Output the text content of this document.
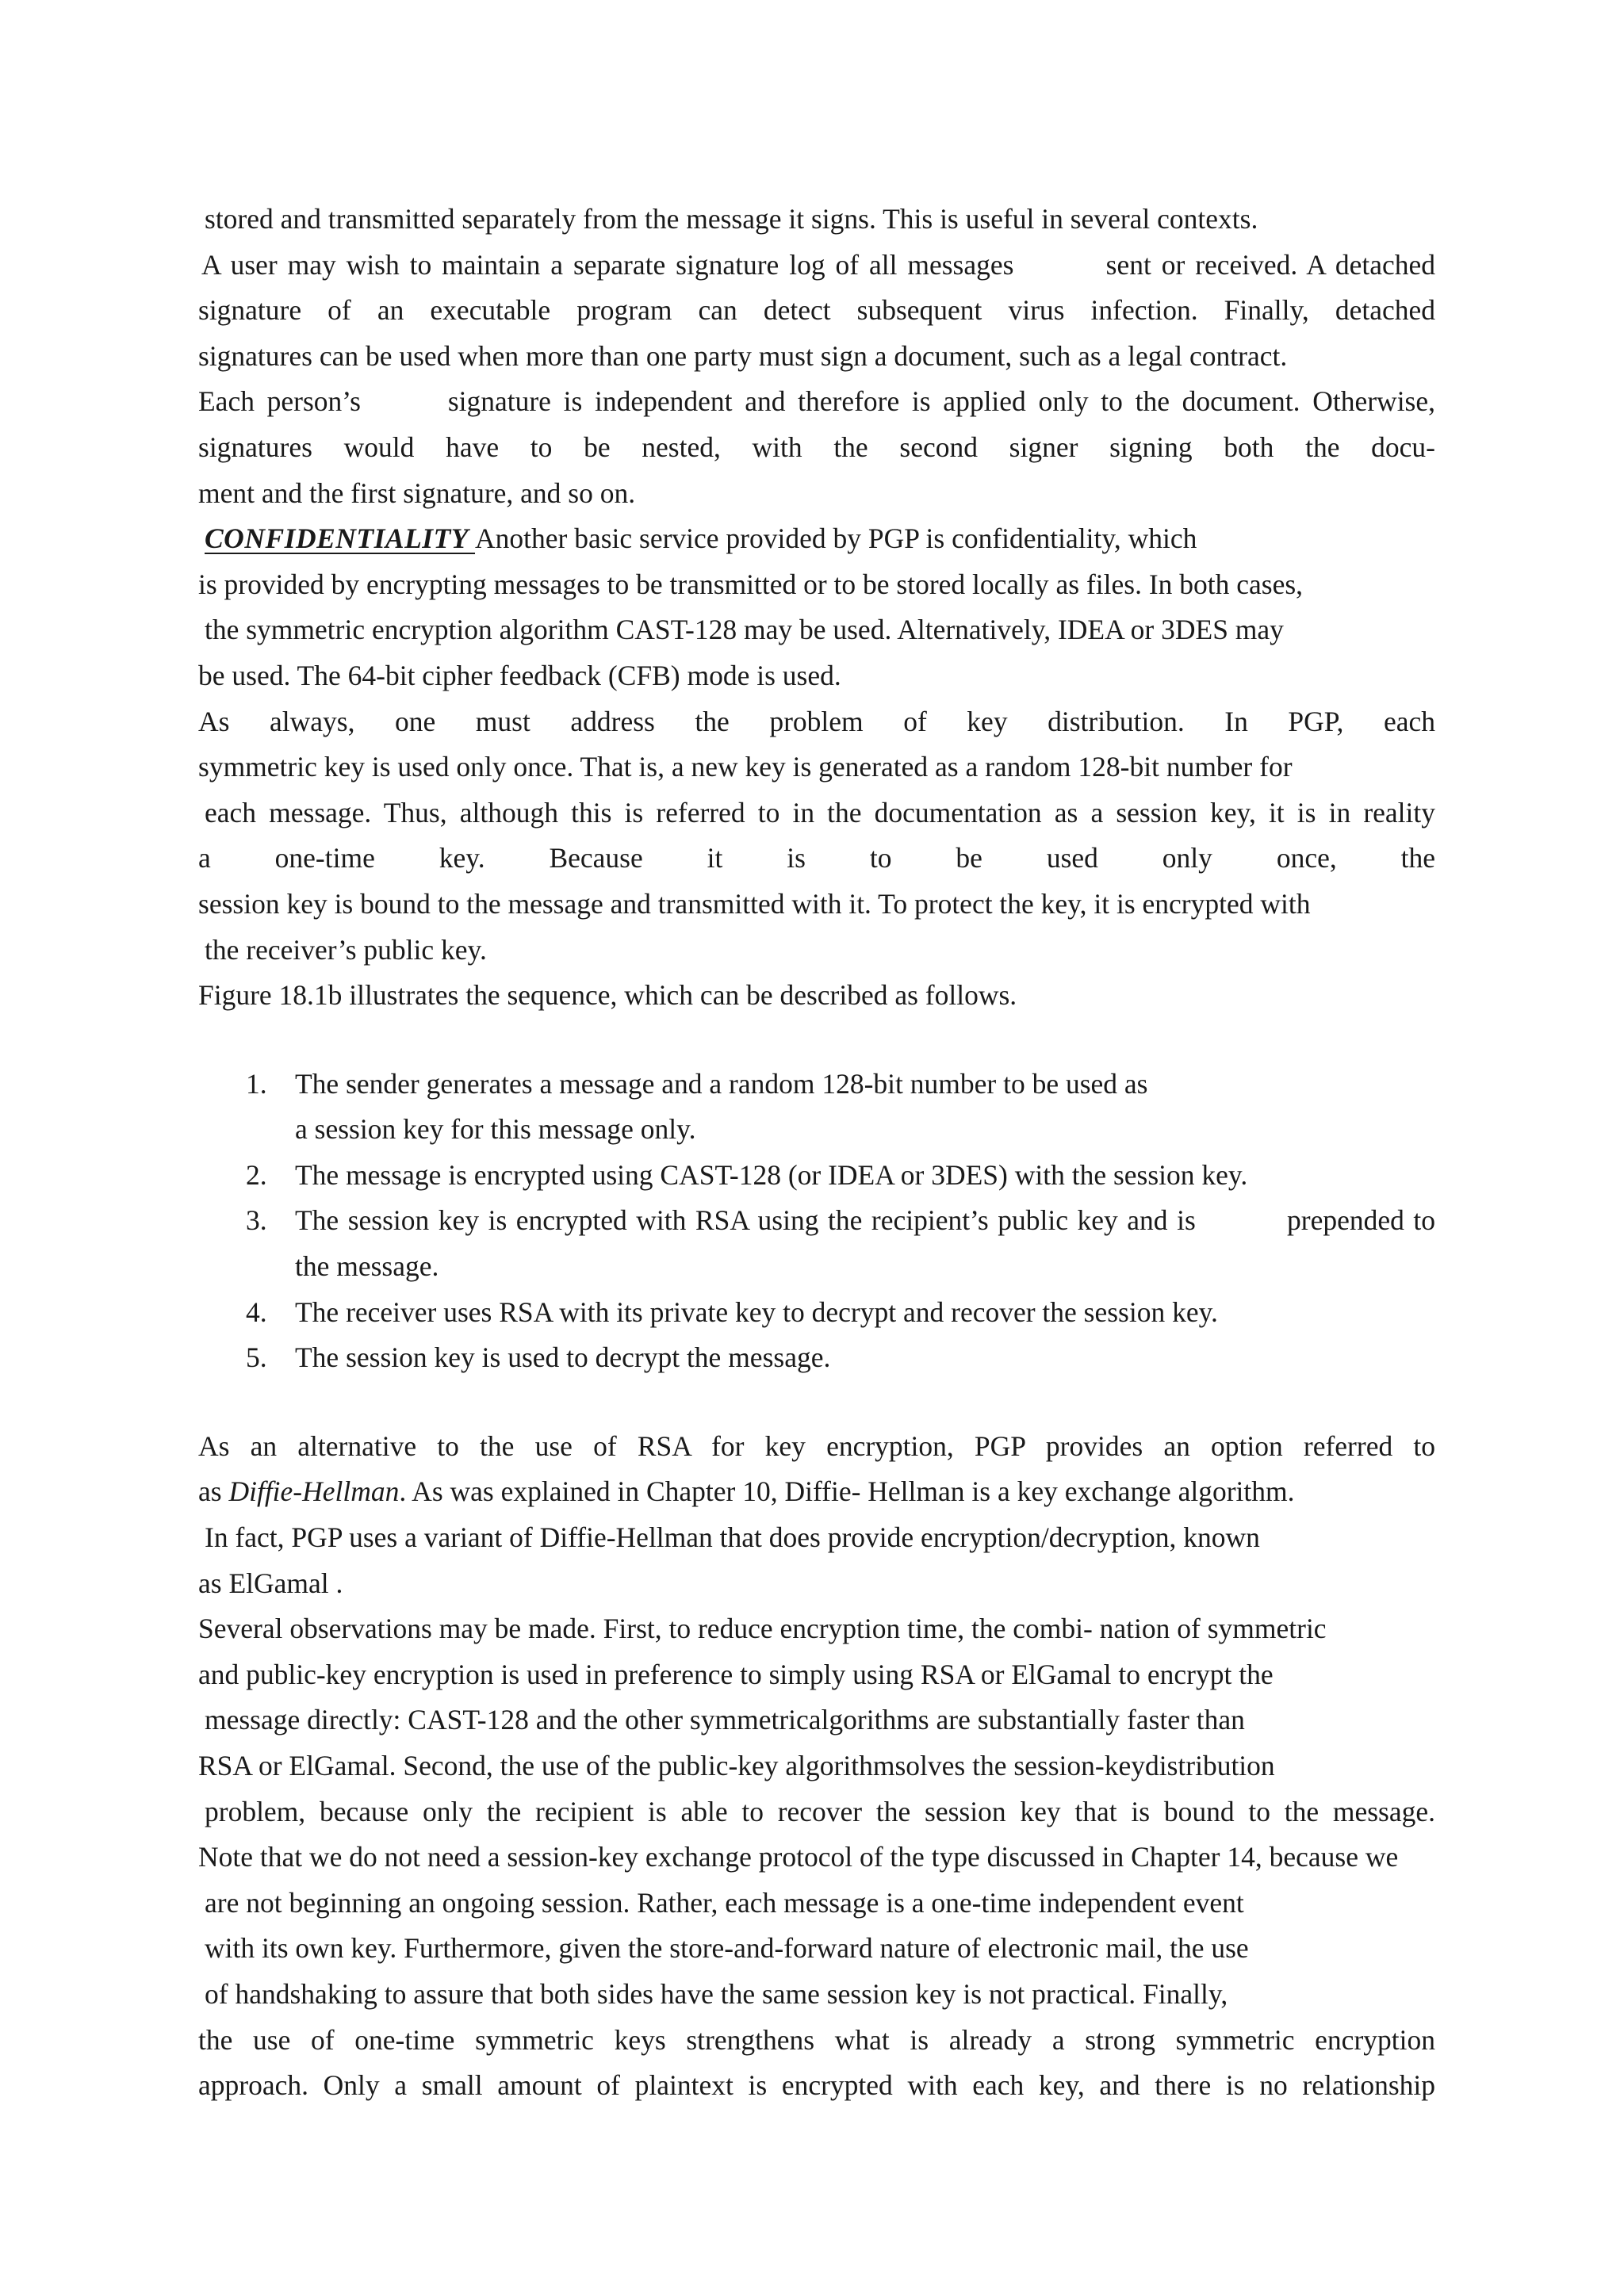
stored and transmitted separately from the message it signs. This is useful in several contexts.
A user may wish to maintain a separate signature log of all messages         sent or received. A detached
signature of an executable program can detect subsequent virus infection. Finally, detached
signatures can be used when more than one party must sign a document, such as a legal contract.
Each person’s       signature is independent and therefore is applied only to the document. Otherwise,
signatures would have to be nested, with the second signer signing both the docu-
ment and the first signature, and so on.
CONFIDENTIALITY Another basic service provided by PGP is confidentiality, which
is provided by encrypting messages to be transmitted or to be stored locally as files. In both cases,
the symmetric encryption algorithm CAST-128 may be used. Alternatively, IDEA or 3DES may
be used. The 64-bit cipher feedback (CFB) mode is used.
As always, one must address the problem of key distribution. In PGP, each
symmetric key is used only once. That is, a new key is generated as a random 128-bit number for
each message. Thus, although this is referred to in the documentation as a session key, it is in reality
a one-time key. Because it is to be used only once, the
session key is bound to the message and transmitted with it. To protect the key, it is encrypted with
the receiver’s public key.
Figure 18.1b illustrates the sequence, which can be described as follows.
1. The sender generates a message and a random 128-bit number to be used as
a session key for this message only.
2. The message is encrypted using CAST-128 (or IDEA or 3DES) with the session key.
3. The session key is encrypted with RSA using the recipient’s public key and is          prepended to
the message.
4. The receiver uses RSA with its private key to decrypt and recover the session key.
5. The session key is used to decrypt the message.
As an alternative to the use of RSA for key encryption, PGP provides an option referred to
as Diffie-Hellman. As was explained in Chapter 10, Diffie- Hellman is a key exchange algorithm.
In fact, PGP uses a variant of Diffie-Hellman that does provide encryption/decryption, known
as ElGamal .
Several observations may be made. First, to reduce encryption time, the combi- nation of symmetric
and public-key encryption is used in preference to simply using RSA or ElGamal to encrypt the
message directly: CAST-128 and the other symmetricalgorithms are substantially faster than
RSA or ElGamal. Second, the use of the public-key algorithmsolves the session-keydistribution
problem, because only the recipient is able to recover the session key that is bound to the message.
Note that we do not need a session-key exchange protocol of the type discussed in Chapter 14, because we
are not beginning an ongoing session. Rather, each message is a one-time independent event
with its own key. Furthermore, given the store-and-forward nature of electronic mail, the use
of handshaking to assure that both sides have the same session key is not practical. Finally,
the use of one-time symmetric keys strengthens what is already a strong symmetric encryption
approach. Only a small amount of plaintext is encrypted with each key, and there is no relationship
